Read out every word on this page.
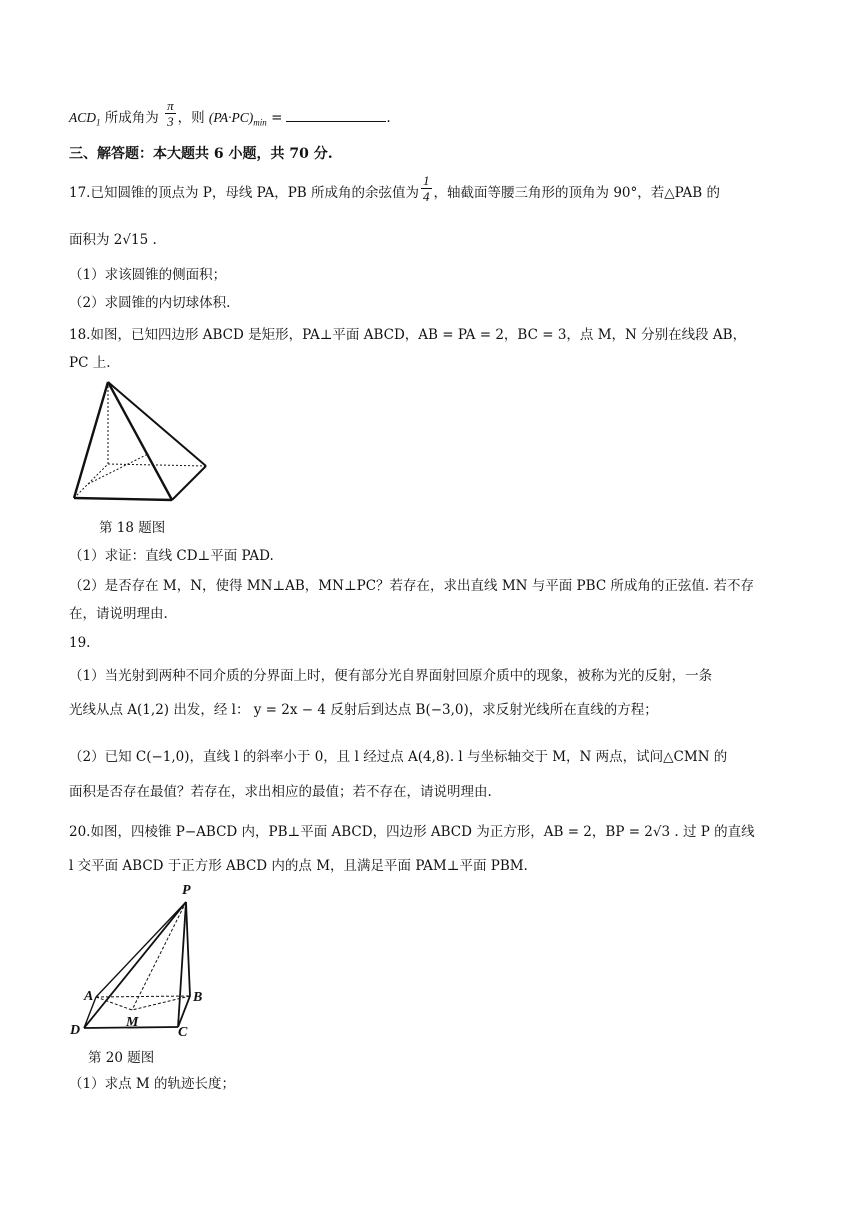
$ACD_1$ 所成角为 $\frac{\pi}{3}$ ，则 $(PA\cdot PC)_{min}$ =	.
三、解答题：本大题共 6 小题，共 70 分.
17.已知圆锥的顶点为 P，母线 PA，PB 所成角的余弦值为 $\frac{1}{4}$ ，轴截面等腰三角形的顶角为 90°，若△PAB 的
面积为 2√15 .
（1）求该圆锥的侧面积；
（2）求圆锥的内切球体积.
18.如图，已知四边形 ABCD 是矩形，PA⊥平面 ABCD，AB = PA = 2，BC = 3，点 M，N 分别在线段 AB，
PC 上.
第 18 题图
（1）求证：直线 CD⊥平面 PAD.
（2）是否存在 M，N，使得 MN⊥AB，MN⊥PC？若存在，求出直线 MN 与平面 PBC 所成角的正弦值. 若不存
在，请说明理由.
19.
（1）当光射到两种不同介质的分界面上时，便有部分光自界面射回原介质中的现象，被称为光的反射，一条
光线从点 A(1,2) 出发，经 l： y = 2x − 4 反射后到达点 B(−3,0)，求反射光线所在直线的方程；
（2）已知 C(−1,0)，直线 l 的斜率小于 0，且 l 经过点 A(4,8). l 与坐标轴交于 M，N 两点，试问△CMN 的
面积是否存在最值？若存在，求出相应的最值；若不存在，请说明理由.
20.如图，四棱锥 P−ABCD 内，PB⊥平面 ABCD，四边形 ABCD 为正方形，AB = 2，BP = 2√3 . 过 P 的直线
l 交平面 ABCD 于正方形 ABCD 内的点 M，且满足平面 PAM⊥平面 PBM.
P
A	B
D	C
M
第 20 题图
（1）求点 M 的轨迹长度；
